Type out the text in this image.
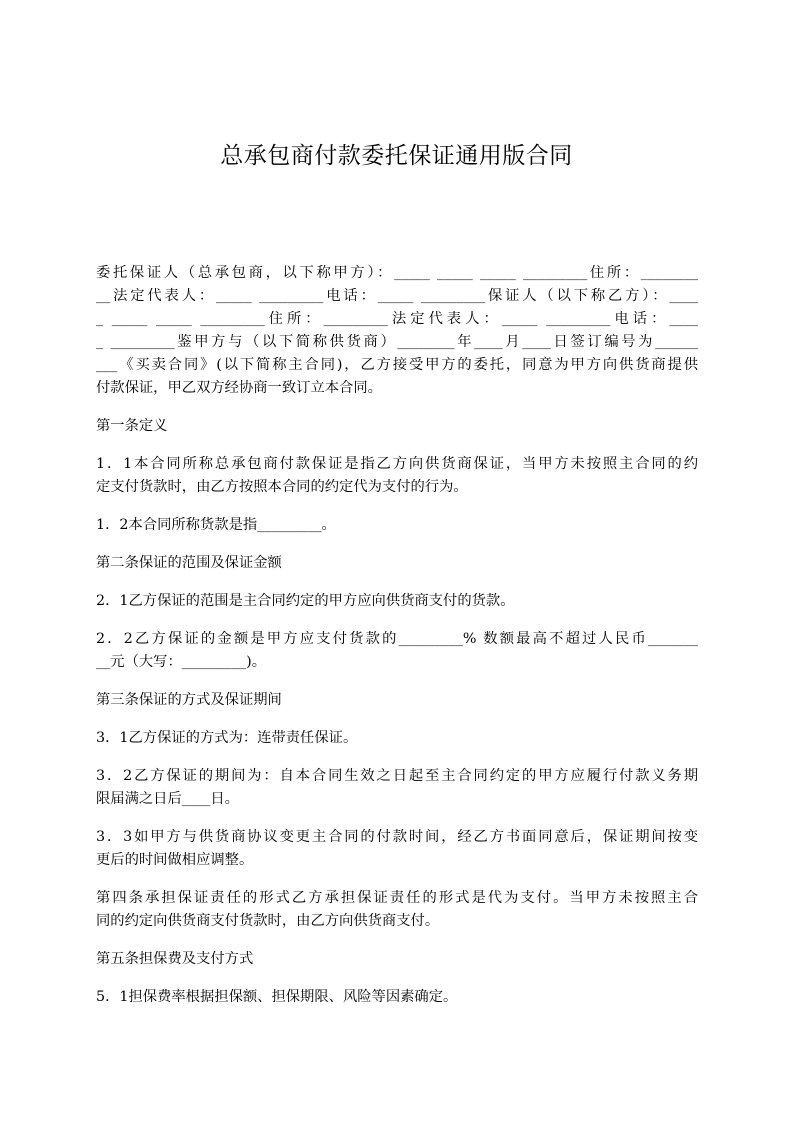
总承包商付款委托保证通用版合同
委托保证人（总承包商，以下称甲方）：_____ _____ _____ _________住所：________
__法定代表人：_____ _________电话：_____ _________保证人（以下称乙方）：____
_ _____ _____ _________住所：_________法定代表人：_____ _________电话：____
_ _________鉴甲方与（以下简称供货商）________年____月____日签订编号为______
___《买卖合同》(以下简称主合同)，乙方接受甲方的委托，同意为甲方向供货商提供
付款保证，甲乙双方经协商一致订立本合同。
第一条定义
1．1本合同所称总承包商付款保证是指乙方向供货商保证，当甲方未按照主合同的约
定支付货款时，由乙方按照本合同的约定代为支付的行为。
1．2本合同所称货款是指_________。
第二条保证的范围及保证金额
2．1乙方保证的范围是主合同约定的甲方应向供货商支付的货款。
2．2乙方保证的金额是甲方应支付货款的_________% 数额最高不超过人民币_______
__元（大写：_________)。
第三条保证的方式及保证期间
3．1乙方保证的方式为：连带责任保证。
3．2乙方保证的期间为：自本合同生效之日起至主合同约定的甲方应履行付款义务期
限届满之日后____日。
3．3如甲方与供货商协议变更主合同的付款时间，经乙方书面同意后，保证期间按变
更后的时间做相应调整。
第四条承担保证责任的形式乙方承担保证责任的形式是代为支付。当甲方未按照主合
同的约定向供货商支付货款时，由乙方向供货商支付。
第五条担保费及支付方式
5．1担保费率根据担保额、担保期限、风险等因素确定。
